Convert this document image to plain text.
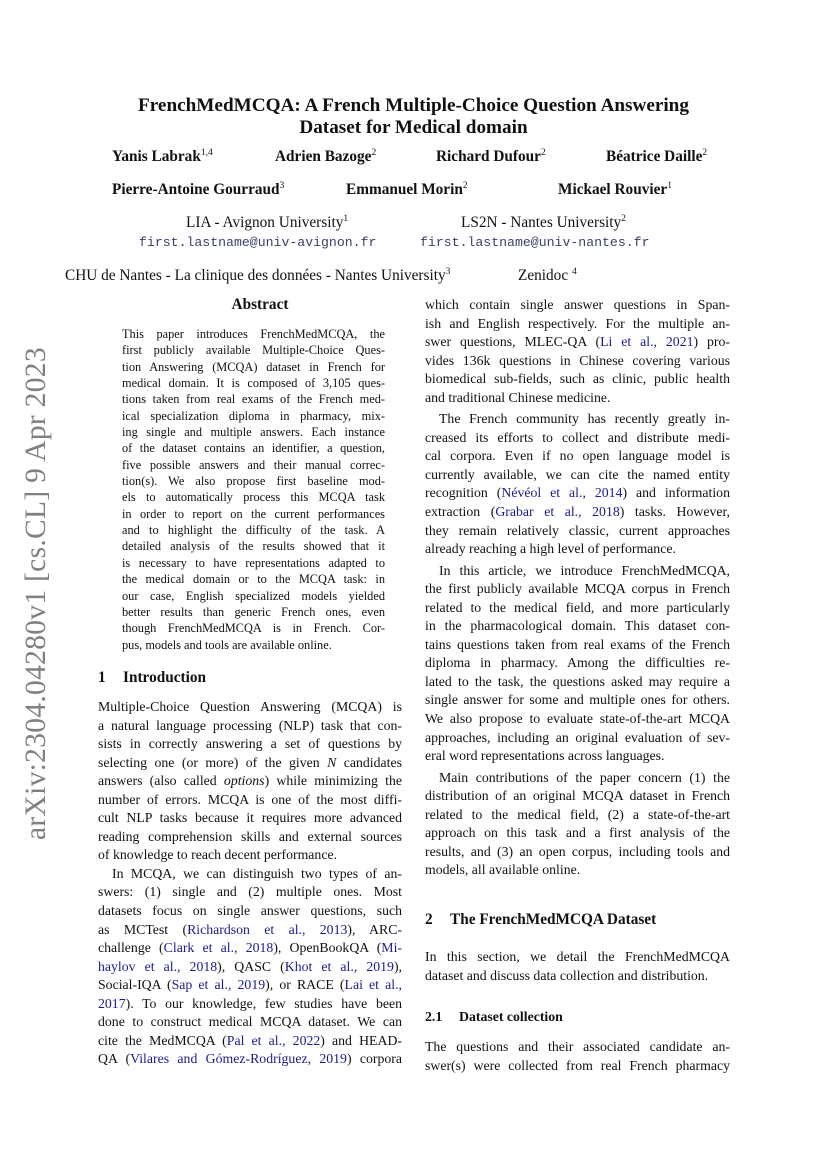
arXiv:2304.04280v1 [cs.CL] 9 Apr 2023
FrenchMedMCQA: A French Multiple-Choice Question Answering
Dataset for Medical domain
Yanis Labrak$^{1,4}$	Adrien Bazoge$^2$	Richard Dufour$^2$	Béatrice Daille$^2$
Pierre-Antoine Gourraud$^3$	Emmanuel Morin$^2$	Mickael Rouvier$^1$
LIA - Avignon University$^1$	LS2N - Nantes University$^2$
first.lastname@univ-avignon.fr	first.lastname@univ-nantes.fr
CHU de Nantes - La clinique des données - Nantes University$^3$	Zenidoc $^4$
Abstract
This paper introduces FrenchMedMCQA, the
first publicly available Multiple-Choice Ques-
tion Answering (MCQA) dataset in French for
medical domain. It is composed of 3,105 ques-
tions taken from real exams of the French med-
ical specialization diploma in pharmacy, mix-
ing single and multiple answers. Each instance
of the dataset contains an identifier, a question,
five possible answers and their manual correc-
tion(s). We also propose first baseline mod-
els to automatically process this MCQA task
in order to report on the current performances
and to highlight the difficulty of the task. A
detailed analysis of the results showed that it
is necessary to have representations adapted to
the medical domain or to the MCQA task: in
our case, English specialized models yielded
better results than generic French ones, even
though FrenchMedMCQA is in French. Cor-
pus, models and tools are available online.
1 Introduction
Multiple-Choice Question Answering (MCQA) is
a natural language processing (NLP) task that con-
sists in correctly answering a set of questions by
selecting one (or more) of the given N candidates
answers (also called options) while minimizing the
number of errors. MCQA is one of the most diffi-
cult NLP tasks because it requires more advanced
reading comprehension skills and external sources
of knowledge to reach decent performance.
In MCQA, we can distinguish two types of an-
swers: (1) single and (2) multiple ones. Most
datasets focus on single answer questions, such
as MCTest (Richardson et al., 2013), ARC-
challenge (Clark et al., 2018), OpenBookQA (Mi-
haylov et al., 2018), QASC (Khot et al., 2019),
Social-IQA (Sap et al., 2019), or RACE (Lai et al.,
2017). To our knowledge, few studies have been
done to construct medical MCQA dataset. We can
cite the MedMCQA (Pal et al., 2022) and HEAD-
QA (Vilares and Gómez-Rodríguez, 2019) corpora
which contain single answer questions in Span-
ish and English respectively. For the multiple an-
swer questions, MLEC-QA (Li et al., 2021) pro-
vides 136k questions in Chinese covering various
biomedical sub-fields, such as clinic, public health
and traditional Chinese medicine.
The French community has recently greatly in-
creased its efforts to collect and distribute medi-
cal corpora. Even if no open language model is
currently available, we can cite the named entity
recognition (Névéol et al., 2014) and information
extraction (Grabar et al., 2018) tasks. However,
they remain relatively classic, current approaches
already reaching a high level of performance.
In this article, we introduce FrenchMedMCQA,
the first publicly available MCQA corpus in French
related to the medical field, and more particularly
in the pharmacological domain. This dataset con-
tains questions taken from real exams of the French
diploma in pharmacy. Among the difficulties re-
lated to the task, the questions asked may require a
single answer for some and multiple ones for others.
We also propose to evaluate state-of-the-art MCQA
approaches, including an original evaluation of sev-
eral word representations across languages.
Main contributions of the paper concern (1) the
distribution of an original MCQA dataset in French
related to the medical field, (2) a state-of-the-art
approach on this task and a first analysis of the
results, and (3) an open corpus, including tools and
models, all available online.
2 The FrenchMedMCQA Dataset
In this section, we detail the FrenchMedMCQA
dataset and discuss data collection and distribution.
2.1 Dataset collection
The questions and their associated candidate an-
swer(s) were collected from real French pharmacy
